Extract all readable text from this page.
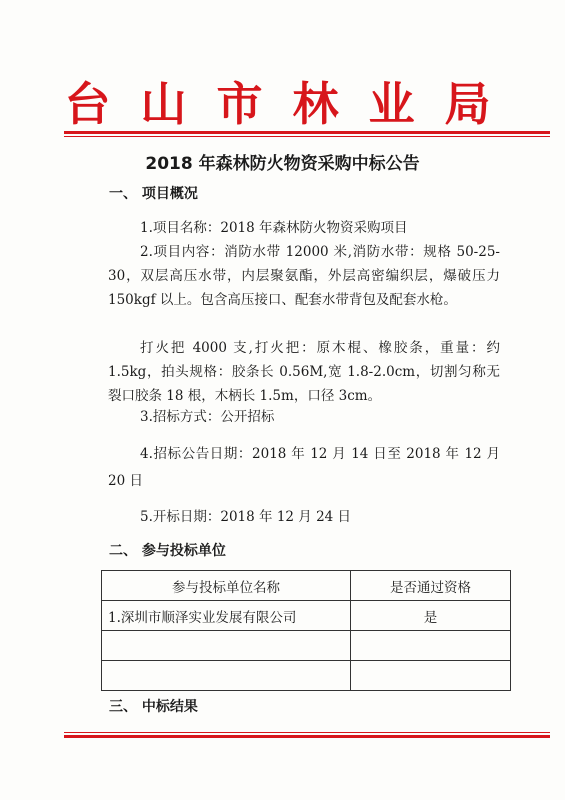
台山市林业局
2018 年森林防火物资采购中标公告
一、 项目概况
1.项目名称：2018 年森林防火物资采购项目
2.项目内容：消防水带 12000 米,消防水带：规格 50-25-30，双层高压水带，内层聚氨酯，外层高密编织层，爆破压力 150kgf 以上。包含高压接口、配套水带背包及配套水枪。
打火把 4000 支,打火把：原木棍、橡胶条，重量：约 1.5kg，拍头规格：胶条长 0.56M,宽 1.8-2.0cm，切割匀称无裂口胶条 18 根，木柄长 1.5m，口径 3cm。
3.招标方式：公开招标
4.招标公告日期：2018 年 12 月 14 日至 2018 年 12 月 20 日
5.开标日期：2018 年 12 月 24 日
二、 参与投标单位
参与投标单位名称	是否通过资格
1.深圳市顺泽实业发展有限公司	是

三、 中标结果
